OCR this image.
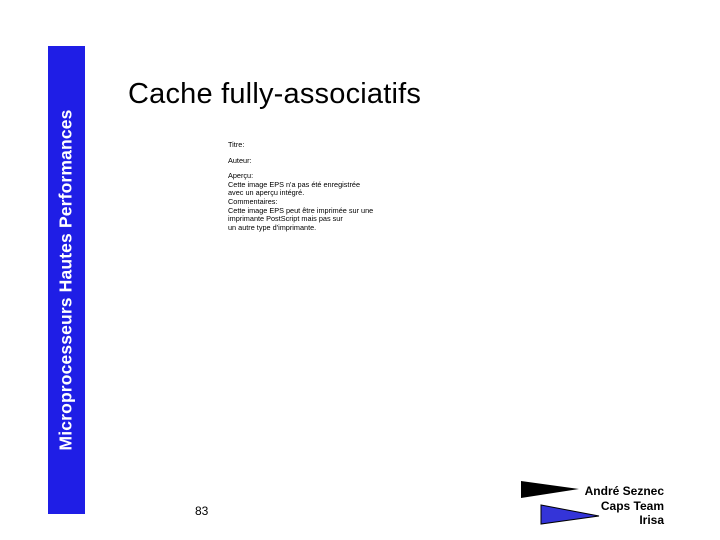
Microprocesseurs Hautes Performances
Cache fully-associatifs
Titre:
Auteur:
Aperçu:
Cette image EPS n'a pas été enregistrée
avec un aperçu intégré.
Commentaires:
Cette image EPS peut être imprimée sur une
imprimante PostScript mais pas sur
un autre type d'imprimante.
83
André Seznec
Caps Team
Irisa
